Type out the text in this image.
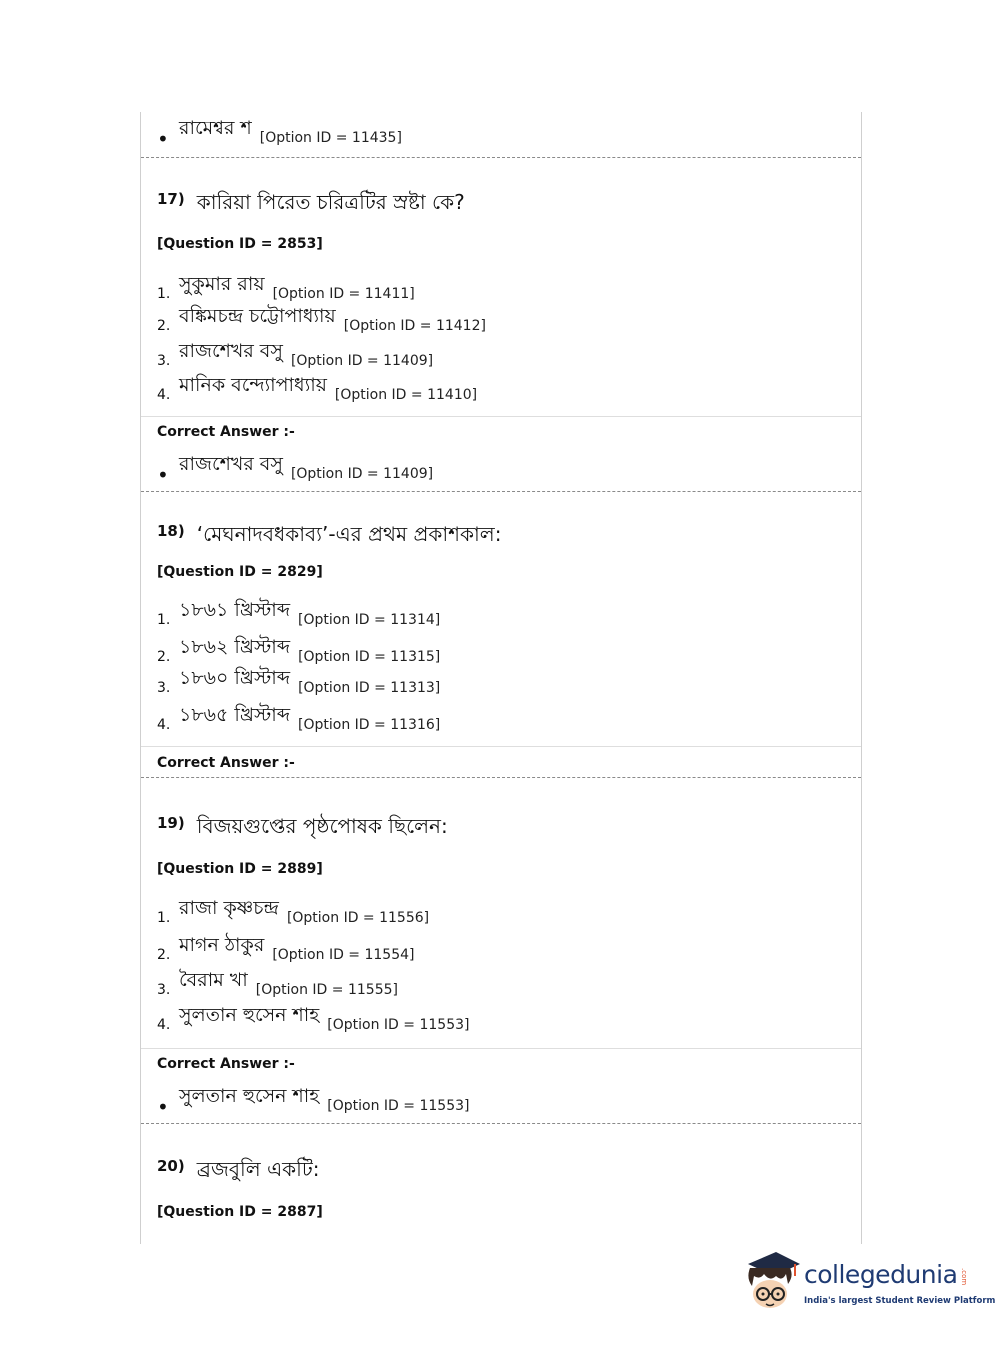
• রামেশ্বর শ [Option ID = 11435]
17) কারিয়া পিরেত চরিত্রটির স্রষ্টা কে?
[Question ID = 2853]
1. সুকুমার রায় [Option ID = 11411]
2. বঙ্কিমচন্দ্র চট্টোপাধ্যায় [Option ID = 11412]
3. রাজশেখর বসু [Option ID = 11409]
4. মানিক বন্দ্যোপাধ্যায় [Option ID = 11410]
Correct Answer :-
• রাজশেখর বসু [Option ID = 11409]
18) ‘মেঘনাদবধকাব্য’-এর প্রথম প্রকাশকাল:
[Question ID = 2829]
1. ১৮৬১ খ্রিস্টাব্দ [Option ID = 11314]
2. ১৮৬২ খ্রিস্টাব্দ [Option ID = 11315]
3. ১৮৬০ খ্রিস্টাব্দ [Option ID = 11313]
4. ১৮৬৫ খ্রিস্টাব্দ [Option ID = 11316]
Correct Answer :-
19) বিজয়গুপ্তের পৃষ্ঠপোষক ছিলেন:
[Question ID = 2889]
1. রাজা কৃষ্ণচন্দ্র [Option ID = 11556]
2. মাগন ঠাকুর [Option ID = 11554]
3. বৈরাম খা [Option ID = 11555]
4. সুলতান হুসেন শাহ [Option ID = 11553]
Correct Answer :-
• সুলতান হুসেন শাহ [Option ID = 11553]
20) ব্রজবুলি একটি:
[Question ID = 2887]
collegedunia .com
India's largest Student Review Platform
